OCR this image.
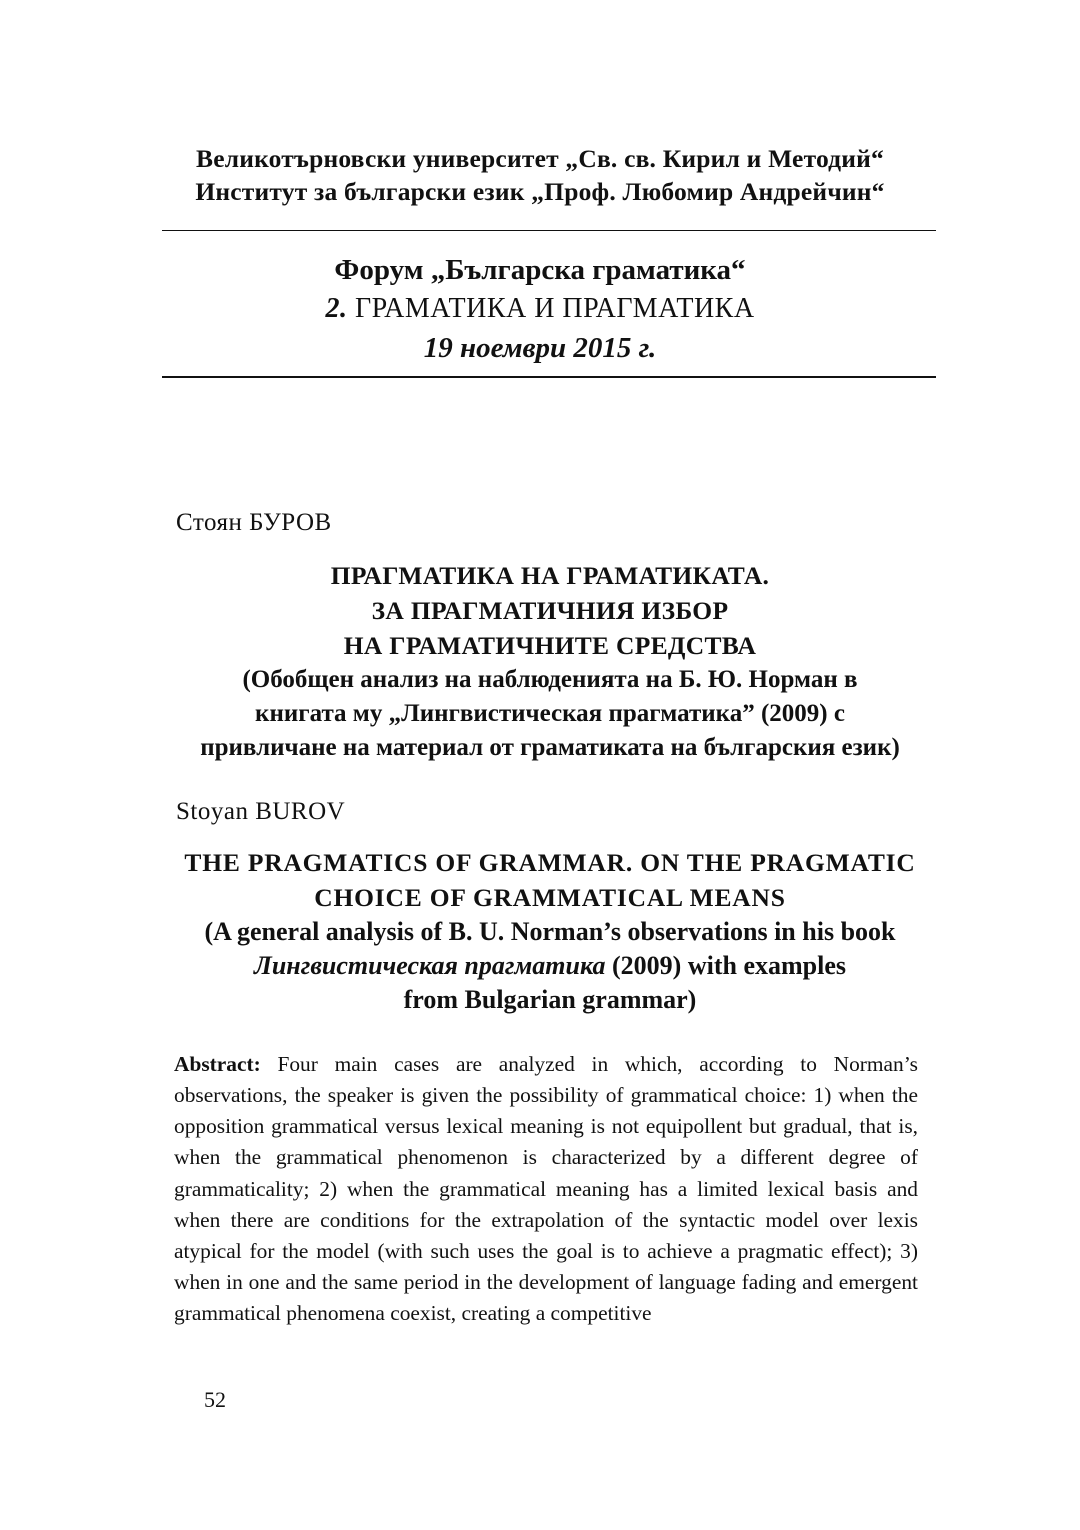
Великотърновски университет „Св. св. Кирил и Методий“
Институт за български език „Проф. Любомир Андрейчин“
Форум „Българска граматика“
2. ГРАМАТИКА И ПРАГМАТИКА
19 ноември 2015 г.
Стоян БУРОВ
ПРАГМАТИКА НА ГРАМАТИКАТА.
ЗА ПРАГМАТИЧНИЯ ИЗБОР
НА ГРАМАТИЧНИТЕ СРЕДСТВА
(Обобщен анализ на наблюденията на Б. Ю. Норман в
книгата му „Лингвистическая прагматика” (2009) с
привличане на материал от граматиката на българския език)
Stoyan BUROV
THE PRAGMATICS OF GRAMMAR. ON THE PRAGMATIC
CHOICE OF GRAMMATICAL MEANS
(A general analysis of B. U. Norman’s observations in his book
Лингвистическая прагматика (2009) with examples
from Bulgarian grammar)
Abstract: Four main cases are analyzed in which, according to Norman’s observations, the speaker is given the possibility of grammatical choice: 1) when the opposition grammatical versus lexical meaning is not equipollent but gradual, that is, when the grammatical phenomenon is characterized by a different degree of grammaticality; 2) when the grammatical meaning has a limited lexical basis and when there are conditions for the extrapolation of the syntactic model over lexis atypical for the model (with such uses the goal is to achieve a pragmatic effect); 3) when in one and the same period in the development of language fading and emergent grammatical phenomena coexist, creating a competitive
52
